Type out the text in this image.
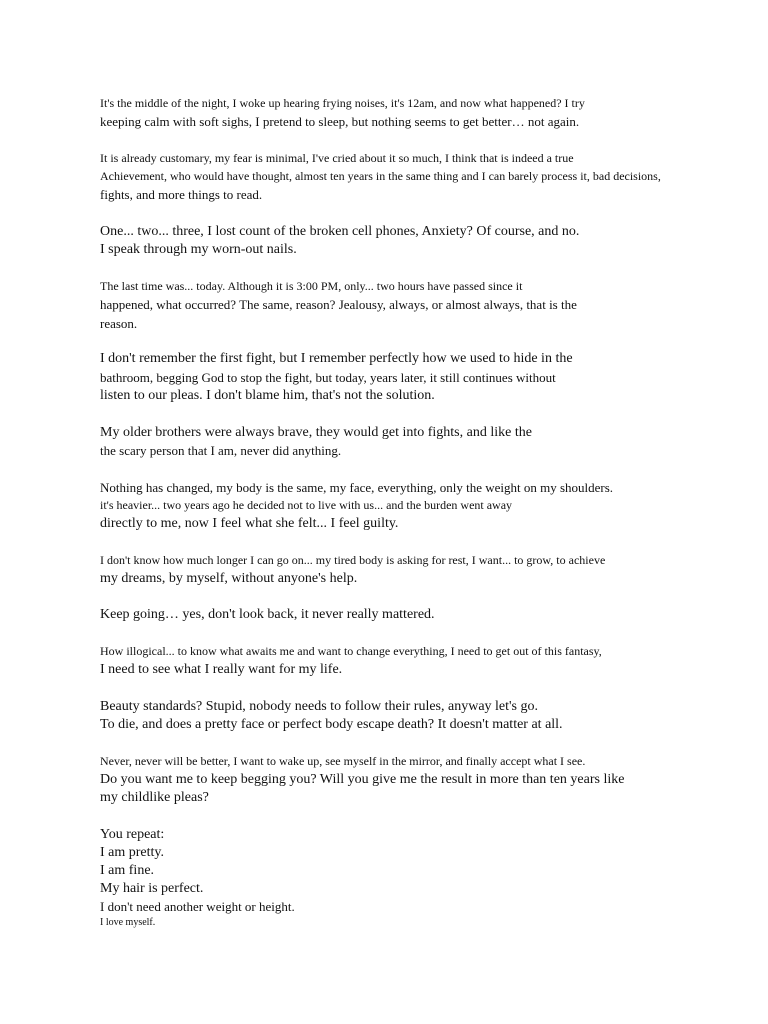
It's the middle of the night, I woke up hearing frying noises, it's 12am, and now what happened? I try
keeping calm with soft sighs, I pretend to sleep, but nothing seems to get better… not again.
It is already customary, my fear is minimal, I've cried about it so much, I think that is indeed a true
Achievement, who would have thought, almost ten years in the same thing and I can barely process it, bad decisions,
fights, and more things to read.
One... two... three, I lost count of the broken cell phones, Anxiety? Of course, and no.
I speak through my worn-out nails.
The last time was... today. Although it is 3:00 PM, only... two hours have passed since it
happened, what occurred? The same, reason? Jealousy, always, or almost always, that is the
reason.
I don't remember the first fight, but I remember perfectly how we used to hide in the
bathroom, begging God to stop the fight, but today, years later, it still continues without
listen to our pleas. I don't blame him, that's not the solution.
My older brothers were always brave, they would get into fights, and like the
the scary person that I am, never did anything.
Nothing has changed, my body is the same, my face, everything, only the weight on my shoulders.
it's heavier... two years ago he decided not to live with us... and the burden went away
directly to me, now I feel what she felt... I feel guilty.
I don't know how much longer I can go on... my tired body is asking for rest, I want... to grow, to achieve
my dreams, by myself, without anyone's help.
Keep going… yes, don't look back, it never really mattered.
How illogical... to know what awaits me and want to change everything, I need to get out of this fantasy,
I need to see what I really want for my life.
Beauty standards? Stupid, nobody needs to follow their rules, anyway let's go.
To die, and does a pretty face or perfect body escape death? It doesn't matter at all.
Never, never will be better, I want to wake up, see myself in the mirror, and finally accept what I see.
Do you want me to keep begging you? Will you give me the result in more than ten years like
my childlike pleas?
You repeat:
I am pretty.
I am fine.
My hair is perfect.
I don't need another weight or height.
I love myself.
